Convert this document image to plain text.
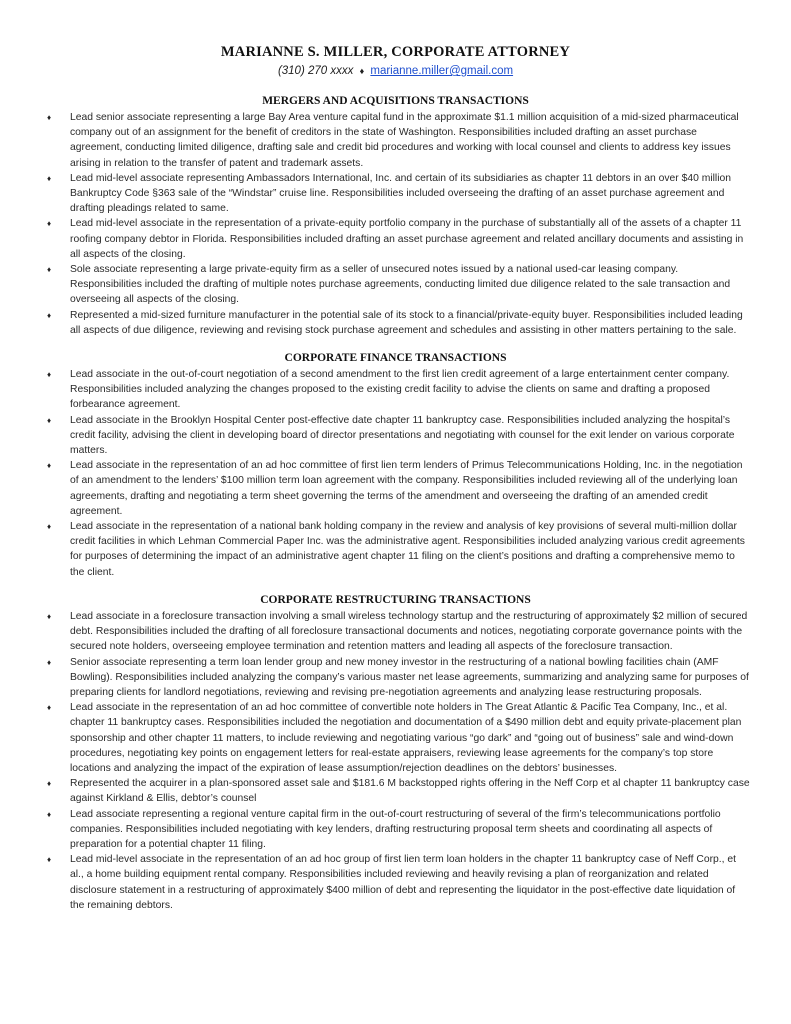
MARIANNE S. MILLER, CORPORATE ATTORNEY
(310) 270 xxxx ♦ marianne.miller@gmail.com
MERGERS AND ACQUISITIONS TRANSACTIONS
♦ Lead senior associate representing a large Bay Area venture capital fund in the approximate $1.1 million acquisition of a mid-sized pharmaceutical company out of an assignment for the benefit of creditors in the state of Washington. Responsibilities included drafting an asset purchase agreement, conducting limited diligence, drafting sale and credit bid procedures and working with local counsel and clients to address key issues arising in relation to the transfer of patent and trademark assets.
♦ Lead mid-level associate representing Ambassadors International, Inc. and certain of its subsidiaries as chapter 11 debtors in an over $40 million Bankruptcy Code §363 sale of the “Windstar” cruise line. Responsibilities included overseeing the drafting of an asset purchase agreement and drafting pleadings related to same.
♦ Lead mid-level associate in the representation of a private-equity portfolio company in the purchase of substantially all of the assets of a chapter 11 roofing company debtor in Florida. Responsibilities included drafting an asset purchase agreement and related ancillary documents and assisting in all aspects of the closing.
♦ Sole associate representing a large private-equity firm as a seller of unsecured notes issued by a national used-car leasing company. Responsibilities included the drafting of multiple notes purchase agreements, conducting limited due diligence related to the sale transaction and overseeing all aspects of the closing.
♦ Represented a mid-sized furniture manufacturer in the potential sale of its stock to a financial/private-equity buyer. Responsibilities included leading all aspects of due diligence, reviewing and revising stock purchase agreement and schedules and assisting in other matters pertaining to the sale.
CORPORATE FINANCE TRANSACTIONS
♦ Lead associate in the out-of-court negotiation of a second amendment to the first lien credit agreement of a large entertainment center company. Responsibilities included analyzing the changes proposed to the existing credit facility to advise the clients on same and drafting a proposed forbearance agreement.
♦ Lead associate in the Brooklyn Hospital Center post-effective date chapter 11 bankruptcy case. Responsibilities included analyzing the hospital’s credit facility, advising the client in developing board of director presentations and negotiating with counsel for the exit lender on various corporate matters.
♦ Lead associate in the representation of an ad hoc committee of first lien term lenders of Primus Telecommunications Holding, Inc. in the negotiation of an amendment to the lenders’ $100 million term loan agreement with the company. Responsibilities included reviewing all of the underlying loan agreements, drafting and negotiating a term sheet governing the terms of the amendment and overseeing the drafting of an amended credit agreement.
♦ Lead associate in the representation of a national bank holding company in the review and analysis of key provisions of several multi-million dollar credit facilities in which Lehman Commercial Paper Inc. was the administrative agent. Responsibilities included analyzing various credit agreements for purposes of determining the impact of an administrative agent chapter 11 filing on the client’s positions and drafting a comprehensive memo to the client.
CORPORATE RESTRUCTURING TRANSACTIONS
♦ Lead associate in a foreclosure transaction involving a small wireless technology startup and the restructuring of approximately $2 million of secured debt. Responsibilities included the drafting of all foreclosure transactional documents and notices, negotiating corporate governance points with the secured note holders, overseeing employee termination and retention matters and leading all aspects of the foreclosure transaction.
♦ Senior associate representing a term loan lender group and new money investor in the restructuring of a national bowling facilities chain (AMF Bowling). Responsibilities included analyzing the company’s various master net lease agreements, summarizing and analyzing same for purposes of preparing clients for landlord negotiations, reviewing and revising pre-negotiation agreements and analyzing lease restructuring proposals.
♦ Lead associate in the representation of an ad hoc committee of convertible note holders in The Great Atlantic & Pacific Tea Company, Inc., et al. chapter 11 bankruptcy cases. Responsibilities included the negotiation and documentation of a $490 million debt and equity private-placement plan sponsorship and other chapter 11 matters, to include reviewing and negotiating various “go dark” and “going out of business” sale and wind-down procedures, negotiating key points on engagement letters for real-estate appraisers, reviewing lease agreements for the company’s top store locations and analyzing the impact of the expiration of lease assumption/rejection deadlines on the debtors’ businesses.
♦ Represented the acquirer in a plan-sponsored asset sale and $181.6 M backstopped rights offering in the Neff Corp et al chapter 11 bankruptcy case against Kirkland & Ellis, debtor’s counsel
♦ Lead associate representing a regional venture capital firm in the out-of-court restructuring of several of the firm’s telecommunications portfolio companies. Responsibilities included negotiating with key lenders, drafting restructuring proposal term sheets and coordinating all aspects of preparation for a potential chapter 11 filing.
♦ Lead mid-level associate in the representation of an ad hoc group of first lien term loan holders in the chapter 11 bankruptcy case of Neff Corp., et al., a home building equipment rental company. Responsibilities included reviewing and heavily revising a plan of reorganization and related disclosure statement in a restructuring of approximately $400 million of debt and representing the liquidator in the post-effective date liquidation of the remaining debtors.
